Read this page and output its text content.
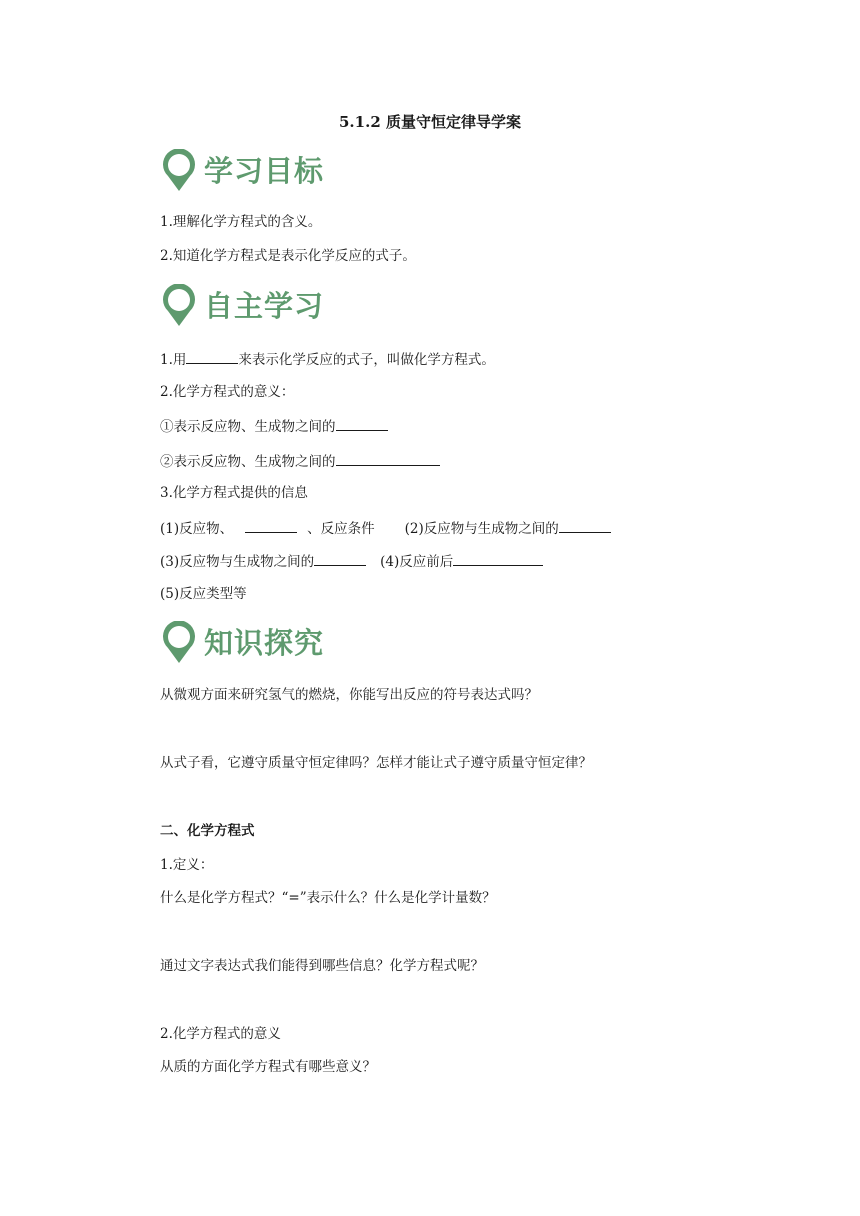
5.1.2 质量守恒定律导学案
学习目标
1.理解化学方程式的含义。
2.知道化学方程式是表示化学反应的式子。
自主学习
1.用	来表示化学反应的式子，叫做化学方程式。
2.化学方程式的意义：
①表示反应物、生成物之间的
②表示反应物、生成物之间的
3.化学方程式提供的信息
(1)反应物、	、反应条件 (2)反应物与生成物之间的
(3)反应物与生成物之间的	(4)反应前后
(5)反应类型等
知识探究
从微观方面来研究氢气的燃烧，你能写出反应的符号表达式吗？
从式子看，它遵守质量守恒定律吗？怎样才能让式子遵守质量守恒定律？
二、化学方程式
1.定义：
什么是化学方程式？“=”表示什么？什么是化学计量数？
通过文字表达式我们能得到哪些信息？化学方程式呢？
2.化学方程式的意义
从质的方面化学方程式有哪些意义？
